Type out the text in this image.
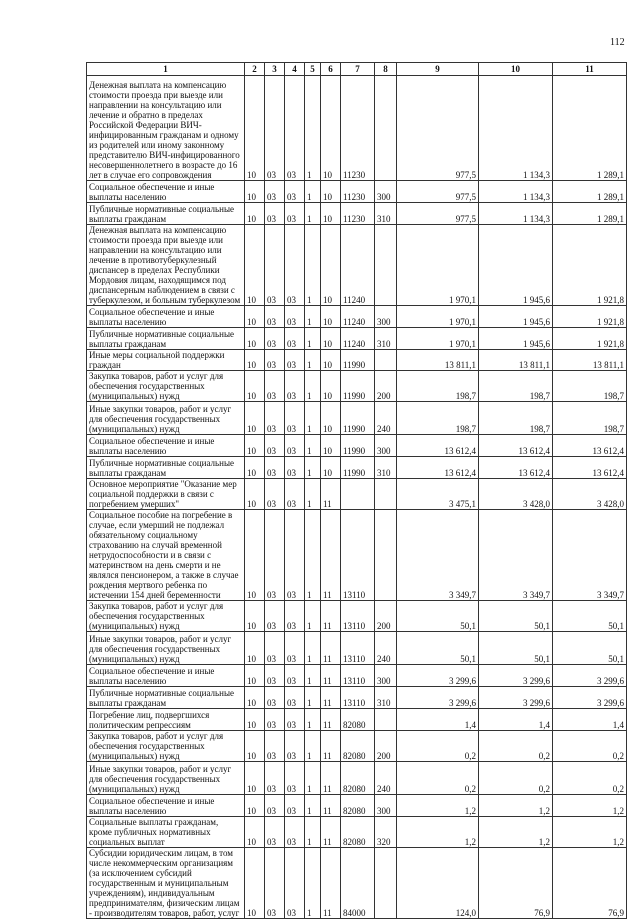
112
1	2	3	4	5	6	7	8	9	10	11
Денежная выплата на компенсацию стоимости проезда при выезде или направлении на консультацию или лечение и обратно в пределах Российской Федерации ВИЧ-инфицированным гражданам и одному из родителей или иному законному представителю ВИЧ-инфицированного несовершеннолетнего в возрасте до 16 лет в случае его сопровождения	10	03	03	1	10	11230		977,5	1 134,3	1 289,1
Социальное обеспечение и иные выплаты населению	10	03	03	1	10	11230	300	977,5	1 134,3	1 289,1
Публичные нормативные социальные выплаты гражданам	10	03	03	1	10	11230	310	977,5	1 134,3	1 289,1
Денежная выплата на компенсацию стоимости проезда при выезде или направлении на консультацию или лечение в противотуберкулезный диспансер в пределах Республики Мордовия лицам, находящимся под диспансерным наблюдением в связи с туберкулезом, и больным туберкулезом	10	03	03	1	10	11240		1 970,1	1 945,6	1 921,8
Социальное обеспечение и иные выплаты населению	10	03	03	1	10	11240	300	1 970,1	1 945,6	1 921,8
Публичные нормативные социальные выплаты гражданам	10	03	03	1	10	11240	310	1 970,1	1 945,6	1 921,8
Иные меры социальной поддержки граждан	10	03	03	1	10	11990		13 811,1	13 811,1	13 811,1
Закупка товаров, работ и услуг для обеспечения государственных (муниципальных) нужд	10	03	03	1	10	11990	200	198,7	198,7	198,7
Иные закупки товаров, работ и услуг для обеспечения государственных (муниципальных) нужд	10	03	03	1	10	11990	240	198,7	198,7	198,7
Социальное обеспечение и иные выплаты населению	10	03	03	1	10	11990	300	13 612,4	13 612,4	13 612,4
Публичные нормативные социальные выплаты гражданам	10	03	03	1	10	11990	310	13 612,4	13 612,4	13 612,4
Основное мероприятие "Оказание мер социальной поддержки в связи с погребением умерших"	10	03	03	1	11			3 475,1	3 428,0	3 428,0
Социальное пособие на погребение в случае, если умерший не подлежал обязательному социальному страхованию на случай временной нетрудоспособности и в связи с материнством на день смерти и не являлся пенсионером, а также в случае рождения мертвого ребенка по истечении 154 дней беременности	10	03	03	1	11	13110		3 349,7	3 349,7	3 349,7
Закупка товаров, работ и услуг для обеспечения государственных (муниципальных) нужд	10	03	03	1	11	13110	200	50,1	50,1	50,1
Иные закупки товаров, работ и услуг для обеспечения государственных (муниципальных) нужд	10	03	03	1	11	13110	240	50,1	50,1	50,1
Социальное обеспечение и иные выплаты населению	10	03	03	1	11	13110	300	3 299,6	3 299,6	3 299,6
Публичные нормативные социальные выплаты гражданам	10	03	03	1	11	13110	310	3 299,6	3 299,6	3 299,6
Погребение лиц, подвергшихся политическим репрессиям	10	03	03	1	11	82080		1,4	1,4	1,4
Закупка товаров, работ и услуг для обеспечения государственных (муниципальных) нужд	10	03	03	1	11	82080	200	0,2	0,2	0,2
Иные закупки товаров, работ и услуг для обеспечения государственных (муниципальных) нужд	10	03	03	1	11	82080	240	0,2	0,2	0,2
Социальное обеспечение и иные выплаты населению	10	03	03	1	11	82080	300	1,2	1,2	1,2
Социальные выплаты гражданам, кроме публичных нормативных социальных выплат	10	03	03	1	11	82080	320	1,2	1,2	1,2
Субсидии юридическим лицам, в том числе некоммерческим организациям (за исключением субсидий государственным и муниципальным учреждениям), индивидуальным предпринимателям, физическим лицам - производителям товаров, работ, услуг	10	03	03	1	11	84000		124,0	76,9	76,9
